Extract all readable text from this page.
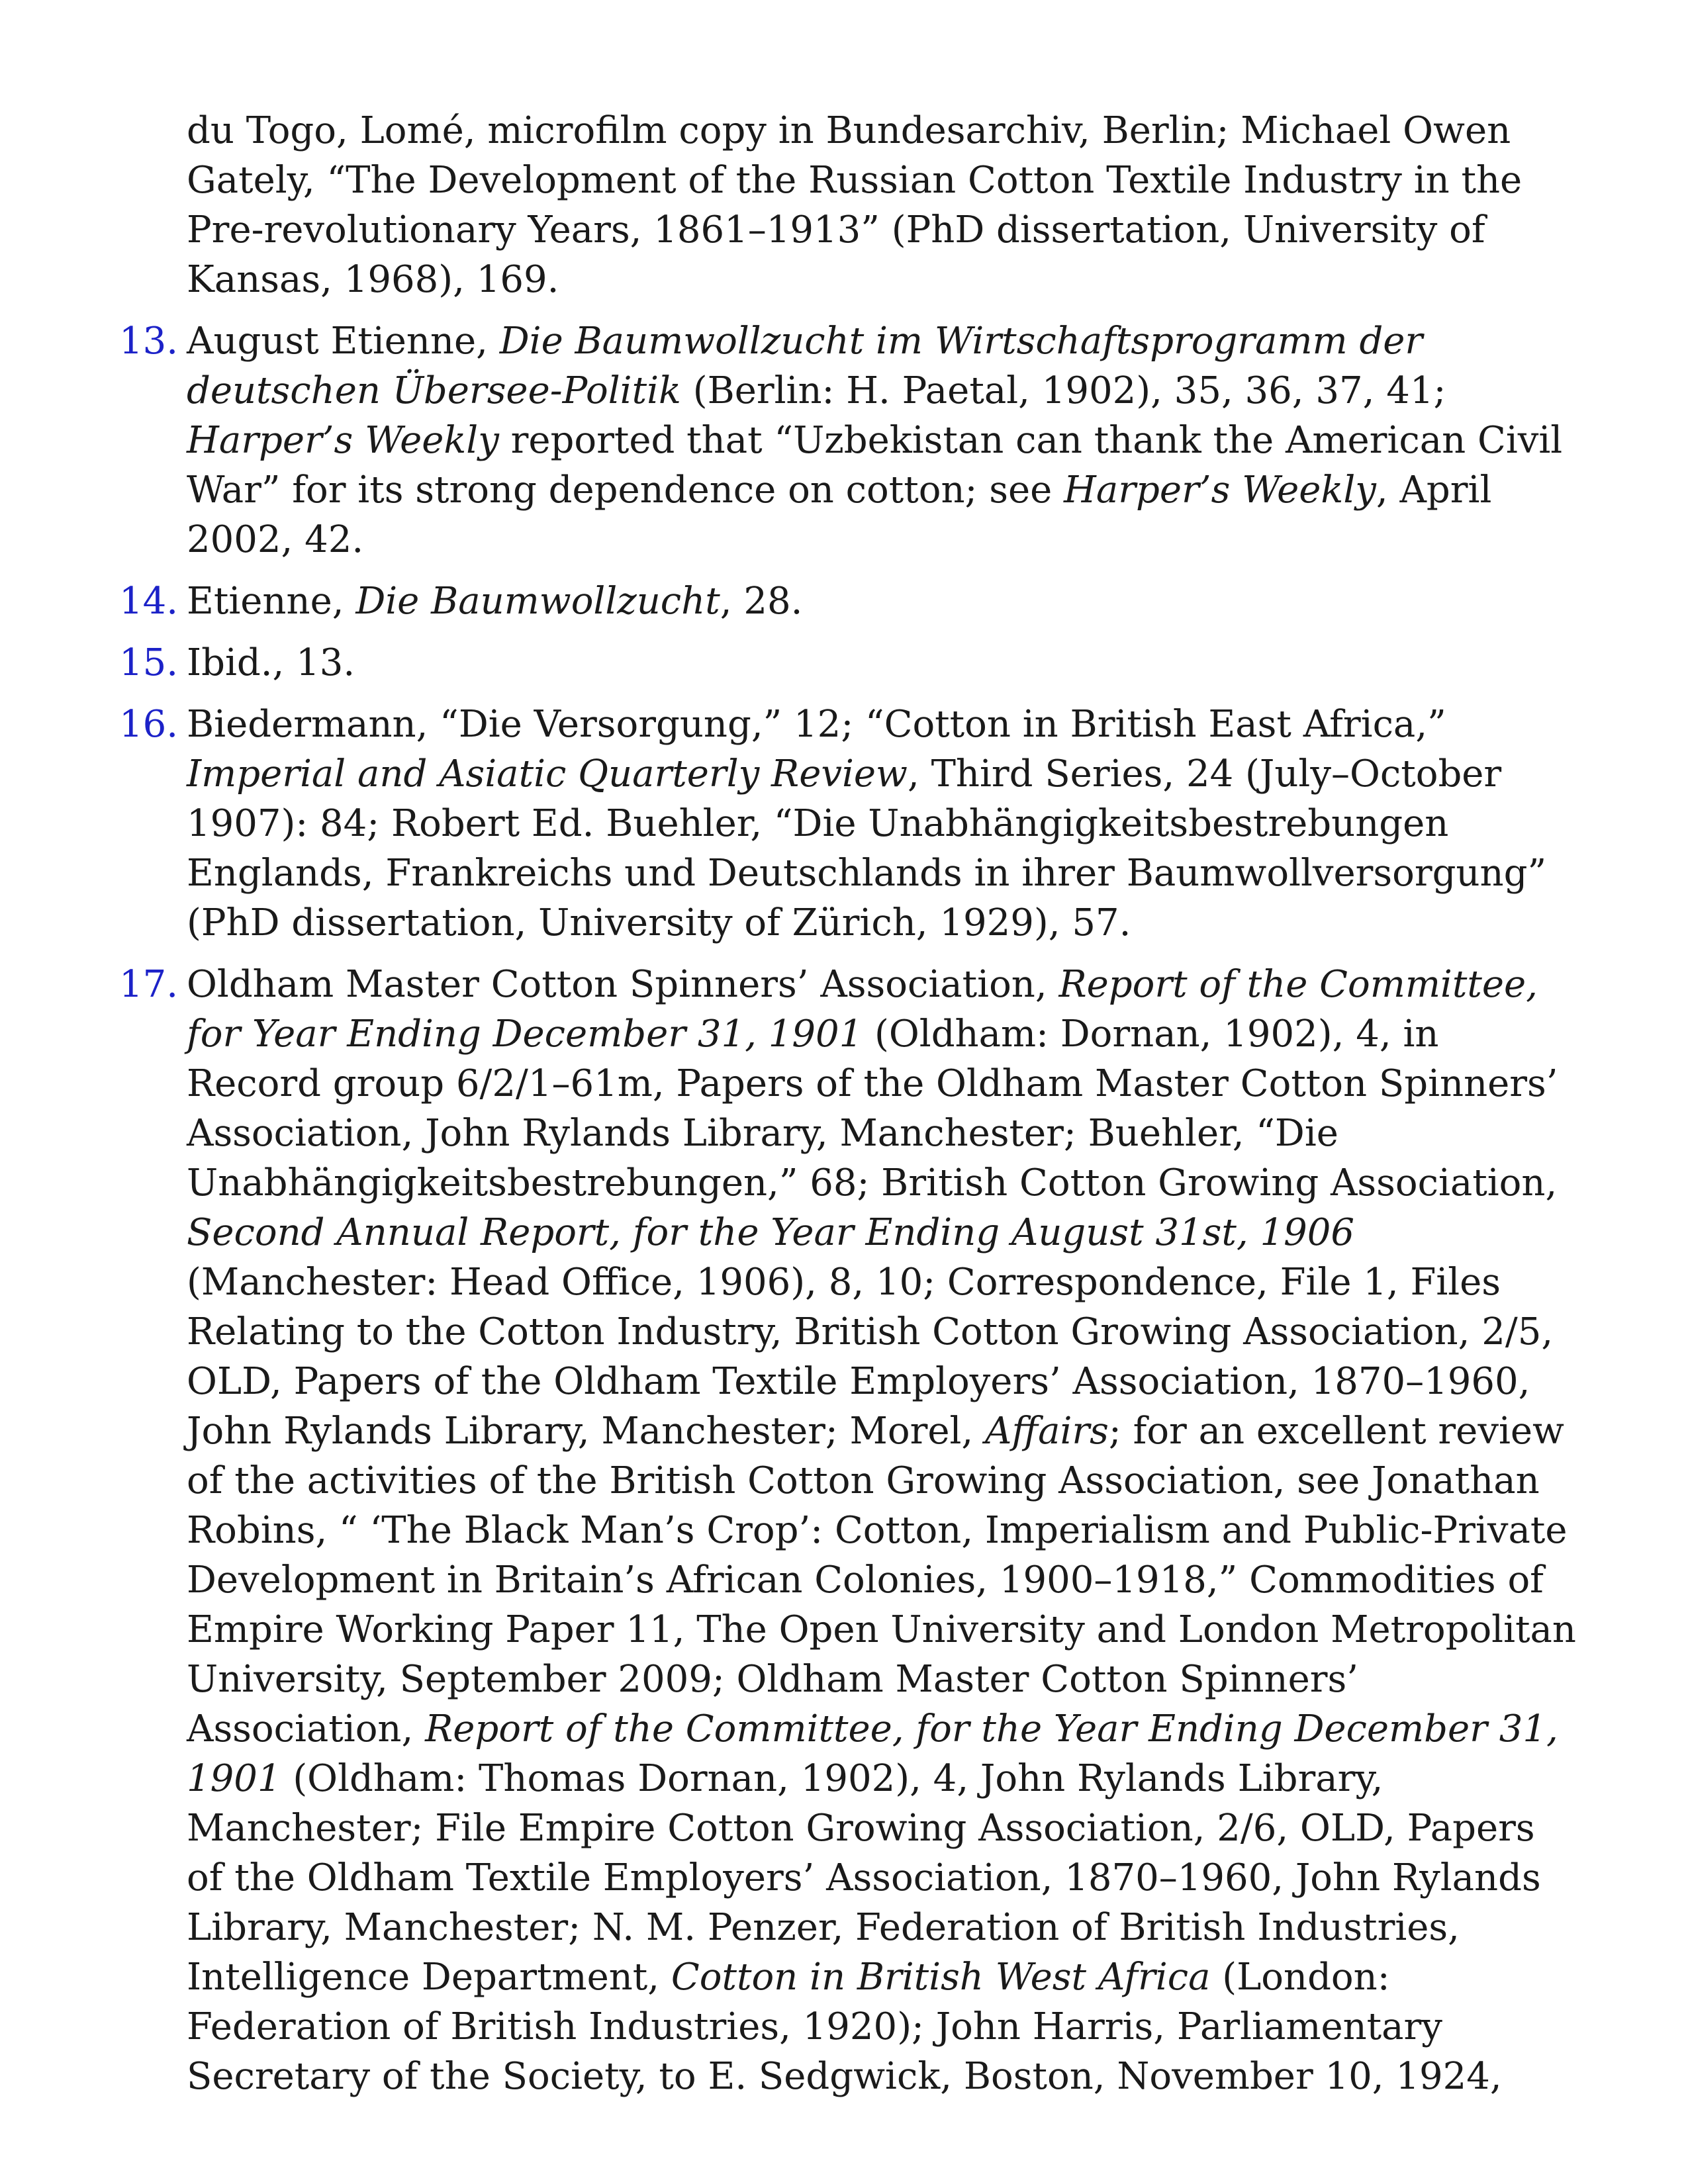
du Togo, Lomé, microfilm copy in Bundesarchiv, Berlin; Michael Owen Gately, “The Development of the Russian Cotton Textile Industry in the Pre-revolutionary Years, 1861–1913” (PhD dissertation, University of Kansas, 1968), 169.
13. August Etienne, Die Baumwollzucht im Wirtschaftsprogramm der deutschen Übersee-Politik (Berlin: H. Paetal, 1902), 35, 36, 37, 41; Harper’s Weekly reported that “Uzbekistan can thank the American Civil War” for its strong dependence on cotton; see Harper’s Weekly, April 2002, 42.
14. Etienne, Die Baumwollzucht, 28.
15. Ibid., 13.
16. Biedermann, “Die Versorgung,” 12; “Cotton in British East Africa,” Imperial and Asiatic Quarterly Review, Third Series, 24 (July–October 1907): 84; Robert Ed. Buehler, “Die Unabhängigkeitsbestrebungen Englands, Frankreichs und Deutschlands in ihrer Baumwollversorgung” (PhD dissertation, University of Zürich, 1929), 57.
17. Oldham Master Cotton Spinners’ Association, Report of the Committee, for Year Ending December 31, 1901 (Oldham: Dornan, 1902), 4, in Record group 6/2/1–61m, Papers of the Oldham Master Cotton Spinners’ Association, John Rylands Library, Manchester; Buehler, “Die Unabhängigkeitsbestrebungen,” 68; British Cotton Growing Association, Second Annual Report, for the Year Ending August 31st, 1906 (Manchester: Head Office, 1906), 8, 10; Correspondence, File 1, Files Relating to the Cotton Industry, British Cotton Growing Association, 2/5, OLD, Papers of the Oldham Textile Employers’ Association, 1870–1960, John Rylands Library, Manchester; Morel, Affairs; for an excellent review of the activities of the British Cotton Growing Association, see Jonathan Robins, “ ‘The Black Man’s Crop’: Cotton, Imperialism and Public-Private Development in Britain’s African Colonies, 1900–1918,” Commodities of Empire Working Paper 11, The Open University and London Metropolitan University, September 2009; Oldham Master Cotton Spinners’ Association, Report of the Committee, for the Year Ending December 31, 1901 (Oldham: Thomas Dornan, 1902), 4, John Rylands Library, Manchester; File Empire Cotton Growing Association, 2/6, OLD, Papers of the Oldham Textile Employers’ Association, 1870–1960, John Rylands Library, Manchester; N. M. Penzer, Federation of British Industries, Intelligence Department, Cotton in British West Africa (London: Federation of British Industries, 1920); John Harris, Parliamentary Secretary of the Society, to E. Sedgwick, Boston, November 10, 1924,
